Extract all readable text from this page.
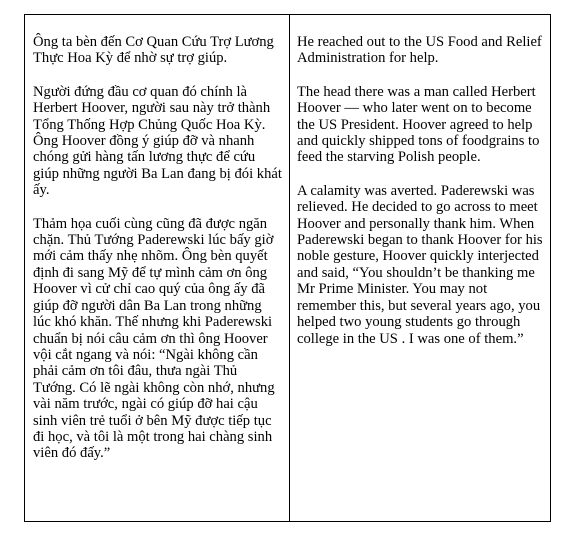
Ông ta bèn đến Cơ Quan Cứu Trợ Lương Thực Hoa Kỳ để nhờ sự trợ giúp.

Người đứng đầu cơ quan đó chính là Herbert Hoover, người sau này trở thành Tổng Thống Hợp Chủng Quốc Hoa Kỳ. Ông Hoover đồng ý giúp đỡ và nhanh chóng gửi hàng tấn lương thực để cứu giúp những người Ba Lan đang bị đói khát ấy.

Thảm họa cuối cùng cũng đã được ngăn chặn. Thủ Tướng Paderewski lúc bấy giờ mới cảm thấy nhẹ nhõm. Ông bèn quyết định đi sang Mỹ để tự mình cảm ơn ông Hoover vì cử chỉ cao quý của ông ấy đã giúp đỡ người dân Ba Lan trong những lúc khó khăn. Thế nhưng khi Paderewski chuẩn bị nói câu cảm ơn thì ông Hoover vội cắt ngang và nói: “Ngài không cần phải cảm ơn tôi đâu, thưa ngài Thủ Tướng. Có lẽ ngài không còn nhớ, nhưng vài năm trước, ngài có giúp đỡ hai cậu sinh viên trẻ tuổi ở bên Mỹ được tiếp tục đi học, và tôi là một trong hai chàng sinh viên đó đấy.”

He reached out to the US Food and Relief Administration for help.

The head there was a man called Herbert Hoover — who later went on to become the US President. Hoover agreed to help and quickly shipped tons of foodgrains to feed the starving Polish people.

A calamity was averted. Paderewski was relieved. He decided to go across to meet Hoover and personally thank him. When Paderewski began to thank Hoover for his noble gesture, Hoover quickly interjected and said, “You shouldn’t be thanking me Mr Prime Minister. You may not remember this, but several years ago, you helped two young students go through college in the US . I was one of them.”
